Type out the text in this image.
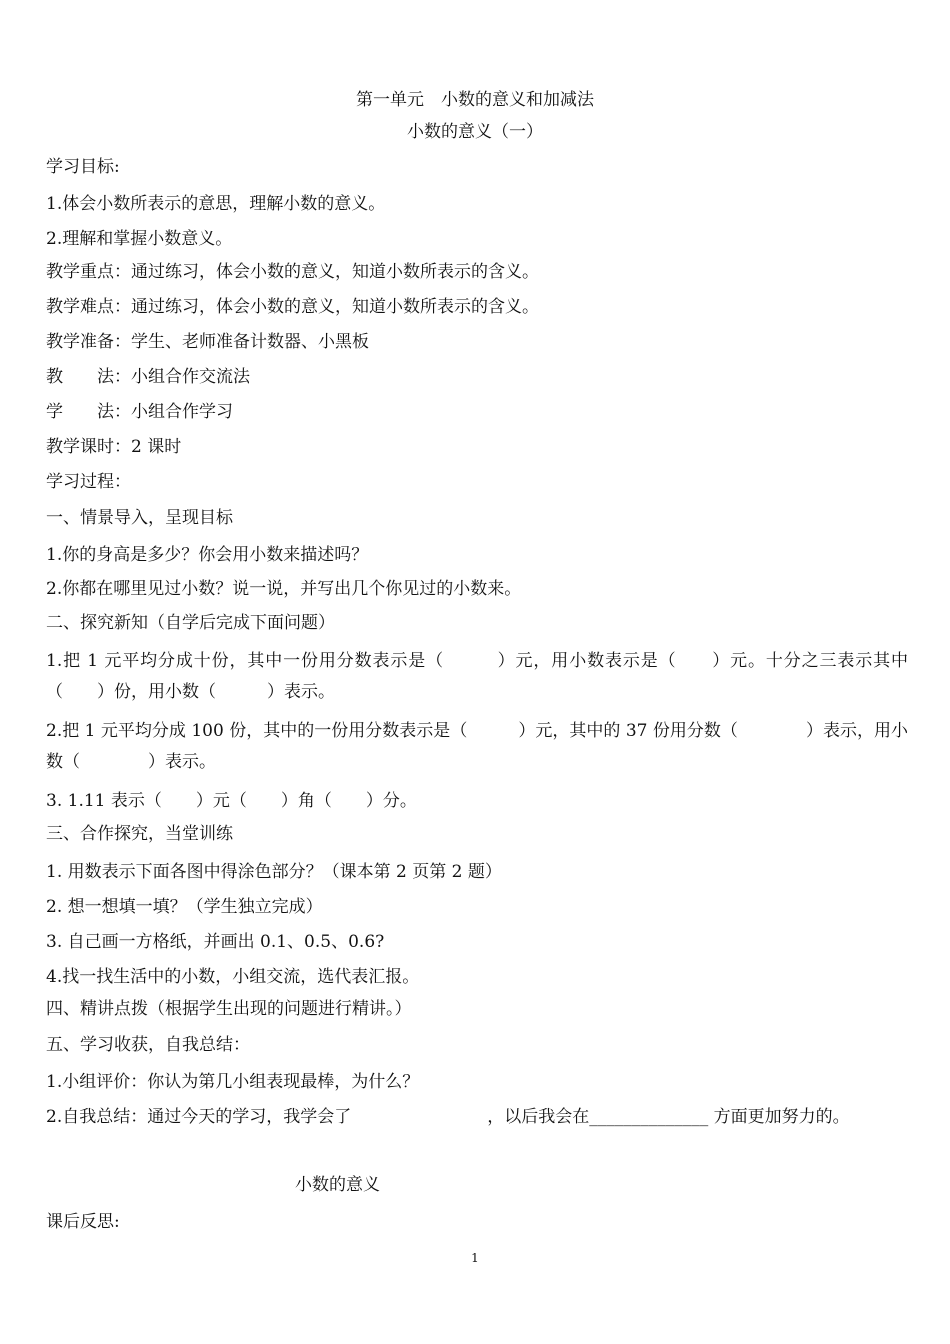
第一单元　小数的意义和加减法
小数的意义（一）
学习目标:
1.体会小数所表示的意思，理解小数的意义。
2.理解和掌握小数意义。
教学重点：通过练习，体会小数的意义，知道小数所表示的含义。
教学难点：通过练习，体会小数的意义，知道小数所表示的含义。
教学准备：学生、老师准备计数器、小黑板
教　　法：小组合作交流法
学　　法：小组合作学习
教学课时：2 课时
学习过程：
一、情景导入，呈现目标
1.你的身高是多少？你会用小数来描述吗？
2.你都在哪里见过小数？说一说，并写出几个你见过的小数来。
二、探究新知（自学后完成下面问题）
1.把 1 元平均分成十份，其中一份用分数表示是（　　　）元，用小数表示是（　　）元。十分之三表示其中（　　）份，用小数（　　　）表示。
2.把 1 元平均分成 100 份，其中的一份用分数表示是（　　　）元，其中的 37 份用分数（　　　　）表示，用小数（　　　　）表示。
3. 1.11 表示（　　）元（　　）角（　　）分。
三、合作探究，当堂训练
1. 用数表示下面各图中得涂色部分？（课本第 2 页第 2 题）
2. 想一想填一填？（学生独立完成）
3. 自己画一方格纸，并画出 0.1、0.5、0.6?
4.找一找生活中的小数，小组交流，选代表汇报。
四、精讲点拨（根据学生出现的问题进行精讲。）
五、学习收获，自我总结：
1.小组评价：你认为第几小组表现最棒，为什么？
2.自我总结：通过今天的学习，我学会了　　　　　　　　，以后我会在______________ 方面更加努力的。
小数的意义
课后反思:
1
